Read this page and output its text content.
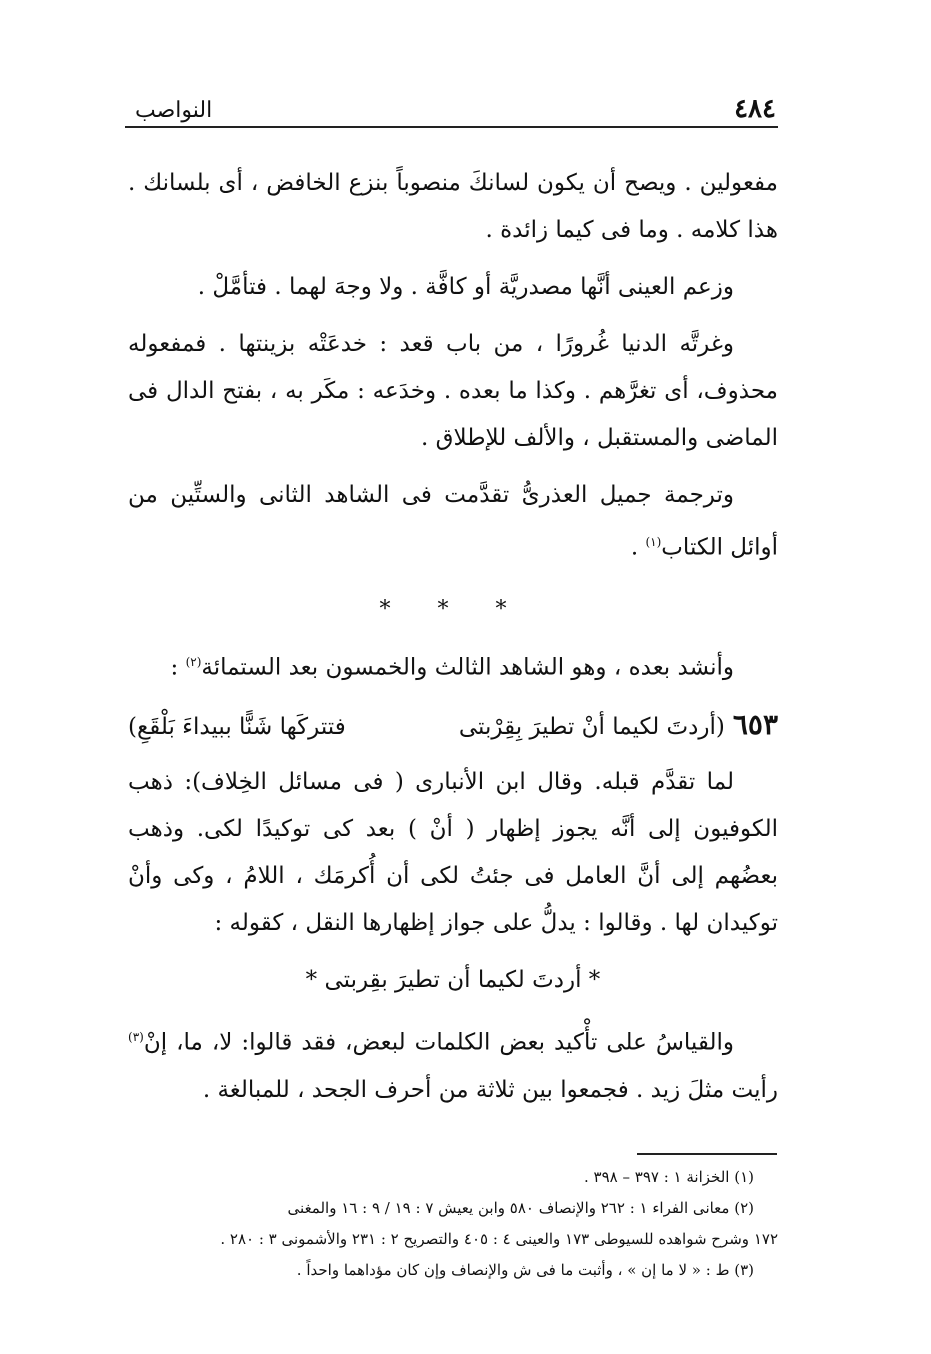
النواصب	٤٨٤

مفعولين . ويصح أن يكون لسانكَ منصوباً بنزع الخافض ، أى بلسانك . هذا كلامه . وما فى كيما زائدة .

وزعم العينى أنَّها مصدريَّة أو كافَّة . ولا وجهَ لهما . فتأمَّلْ .

وغرتَّه الدنيا غُرورًا ، من باب قعد : خدعَتْه بزينتها . فمفعوله محذوف، أى تغرَّهم . وكذا ما بعده . وخدَعه : مكَر به ، بفتح الدال فى الماضى والمستقبل ، والألف للإطلاق .

وترجمة جميل العذرىُّ تقدَّمت فى الشاهد الثانى والستِّين من أوائل الكتاب$^{(١)}$ .

* * *

وأنشد بعده ، وهو الشاهد الثالث والخمسون بعد الستمائة$^{(٢)}$ :

٦٥٣
(أردتَ لكيما أنْ تطيرَ بِقِرْبتى
فتتركَها شَنًّا ببيداءَ بَلْقَعِ)

لما تقدَّم قبله. وقال ابن الأنبارى ( فى مسائل الخِلاف): ذهب الكوفيون إلى أنَّه يجوز إظهار ( أنْ ) بعد كى توكيدًا لكى. وذهب بعضُهم إلى أنَّ العامل فى جئتُ لكى أن أُكرمَك ، اللامُ ، وكى وأنْ توكيدان لها . وقالوا : يدلُّ على جواز إظهارها النقل ، كقوله :

* أردتَ لكيما أن تطيرَ بقِربتى *

والقياسُ على تأْكيد بعض الكلمات لبعض، فقد قالوا: لا، ما، إنْ$^{(٣)}$ رأيت مثلَ زيد . فجمعوا بين ثلاثة من أحرف الجحد ، للمبالغة .

(١) الخزانة ١ : ٣٩٧ – ٣٩٨ .

(٢) معانى الفراء ١ : ٢٦٢ والإنصاف ٥٨٠ وابن يعيش ٧ : ١٩ / ٩ : ١٦ والمغنى

١٧٢ وشرح شواهده للسيوطى ١٧٣ والعينى ٤ : ٤٠٥ والتصريح ٢ : ٢٣١ والأشمونى ٣ : ٢٨٠ .

(٣) ط : « لا ما إن » ، وأثبت ما فى ش والإنصاف وإن كان مؤداهما واحداً .
